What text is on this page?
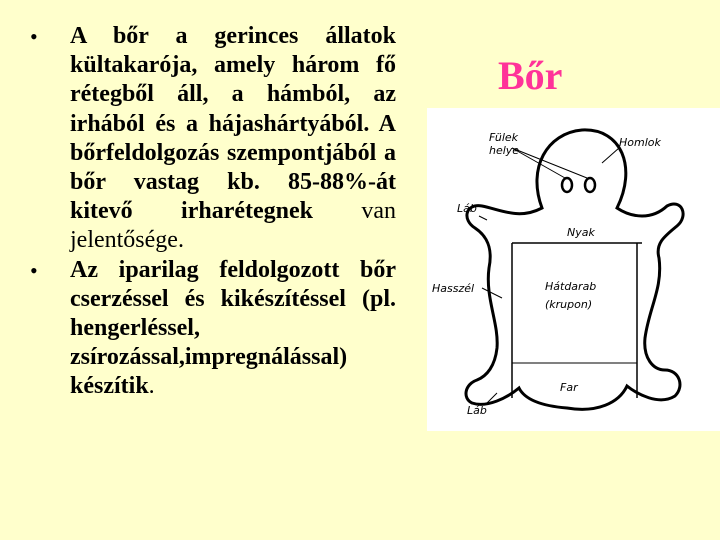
• A bőr a gerinces állatok kültakarója, amely három fő rétegből áll, a hámból, az irhából és a hájashártyából. A bőrfeldolgozás szempontjából a bőr vastag kb. 85-88%-át kitevő irharétegnek van jelentősége.
• Az iparilag feldolgozott bőr cserzéssel és kikészítéssel (pl. hengerléssel, zsírozással,impregnálással) készítik.
Bőr
Fülek
helye
Homlok
Láb
Nyak
Hasszél	Hátdarab
(krupon)
Far
Láb
